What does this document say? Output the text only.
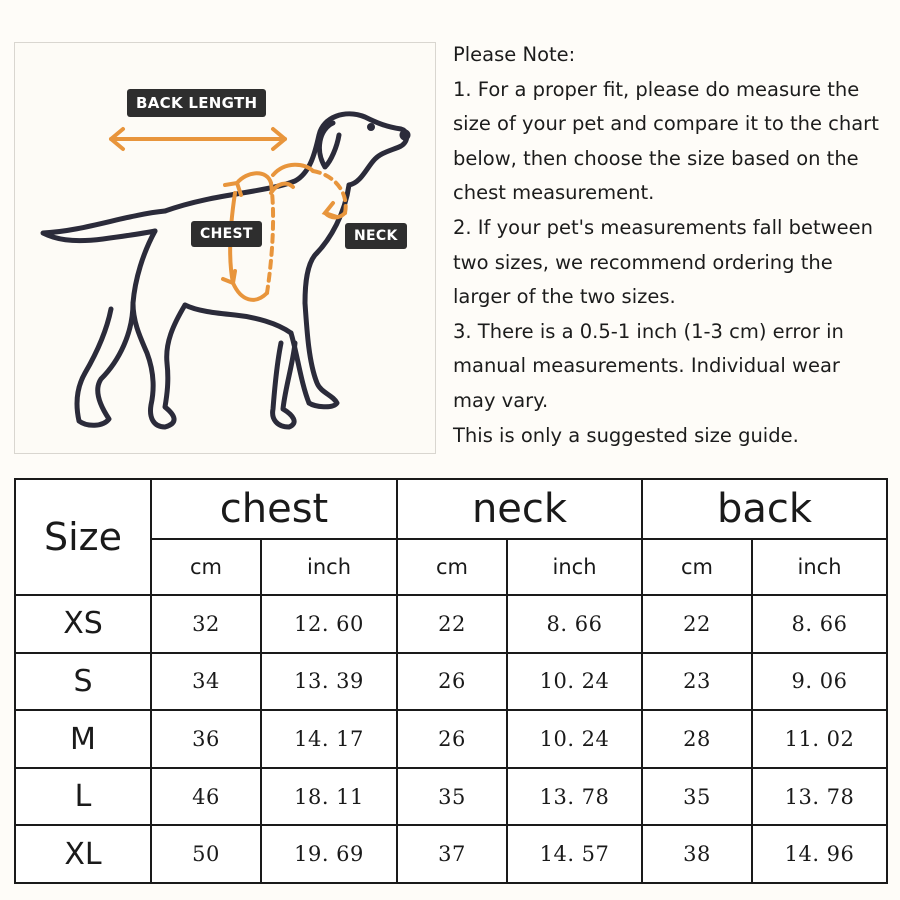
BACK LENGTH
CHEST	NECK

Please Note:

1. For a proper fit, please do measure the

size of your pet and compare it to the chart

below, then choose the size based on the

chest measurement.

2. If your pet's measurements fall between

two sizes, we recommend ordering the

larger of the two sizes.

3. There is a 0.5-1 inch (1-3 cm) error in

manual measurements. Individual wear

may vary.

This is only a suggested size guide.

Size	chest		neck		back	
	cm	inch	cm	inch	cm	inch
XS	32	12. 60	22	8. 66	22	8. 66
S	34	13. 39	26	10. 24	23	9. 06
M	36	14. 17	26	10. 24	28	11. 02
L	46	18. 11	35	13. 78	35	13. 78
XL	50	19. 69	37	14. 57	38	14. 96
